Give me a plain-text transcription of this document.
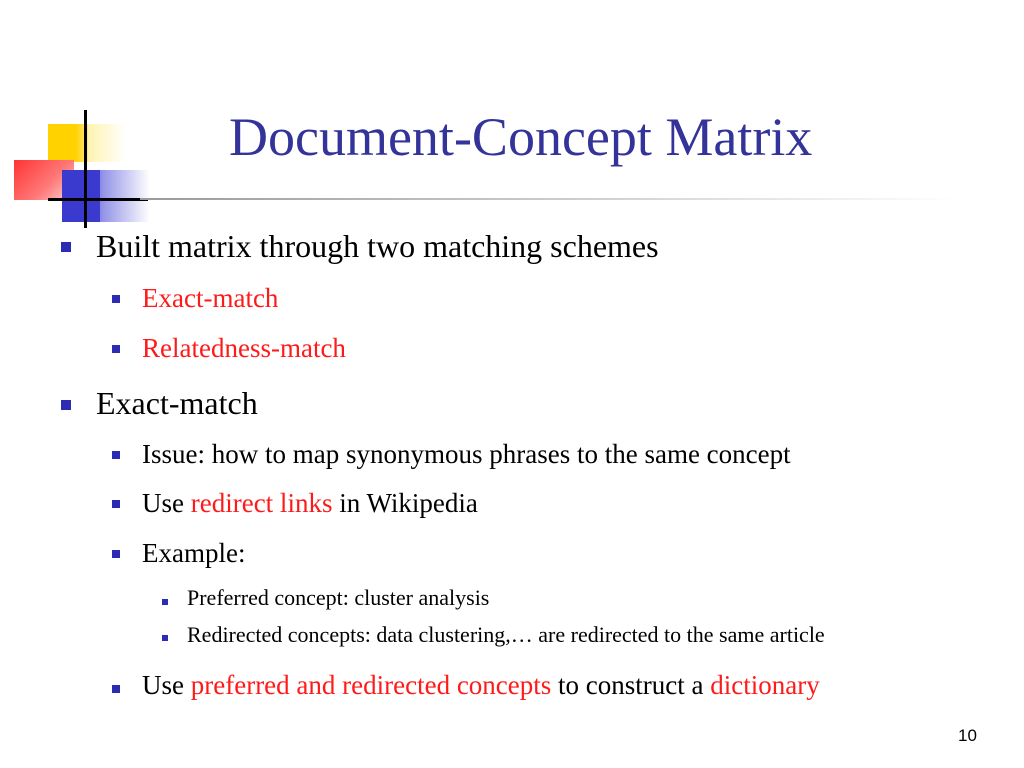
Document-Concept Matrix
Built matrix through two matching schemes
Exact-match
Relatedness-match
Exact-match
Issue: how to map synonymous phrases to the same concept
Use redirect links in Wikipedia
Example:
Preferred concept: cluster analysis
Redirected concepts: data clustering,… are redirected to the same article
Use preferred and redirected concepts to construct a dictionary
10
